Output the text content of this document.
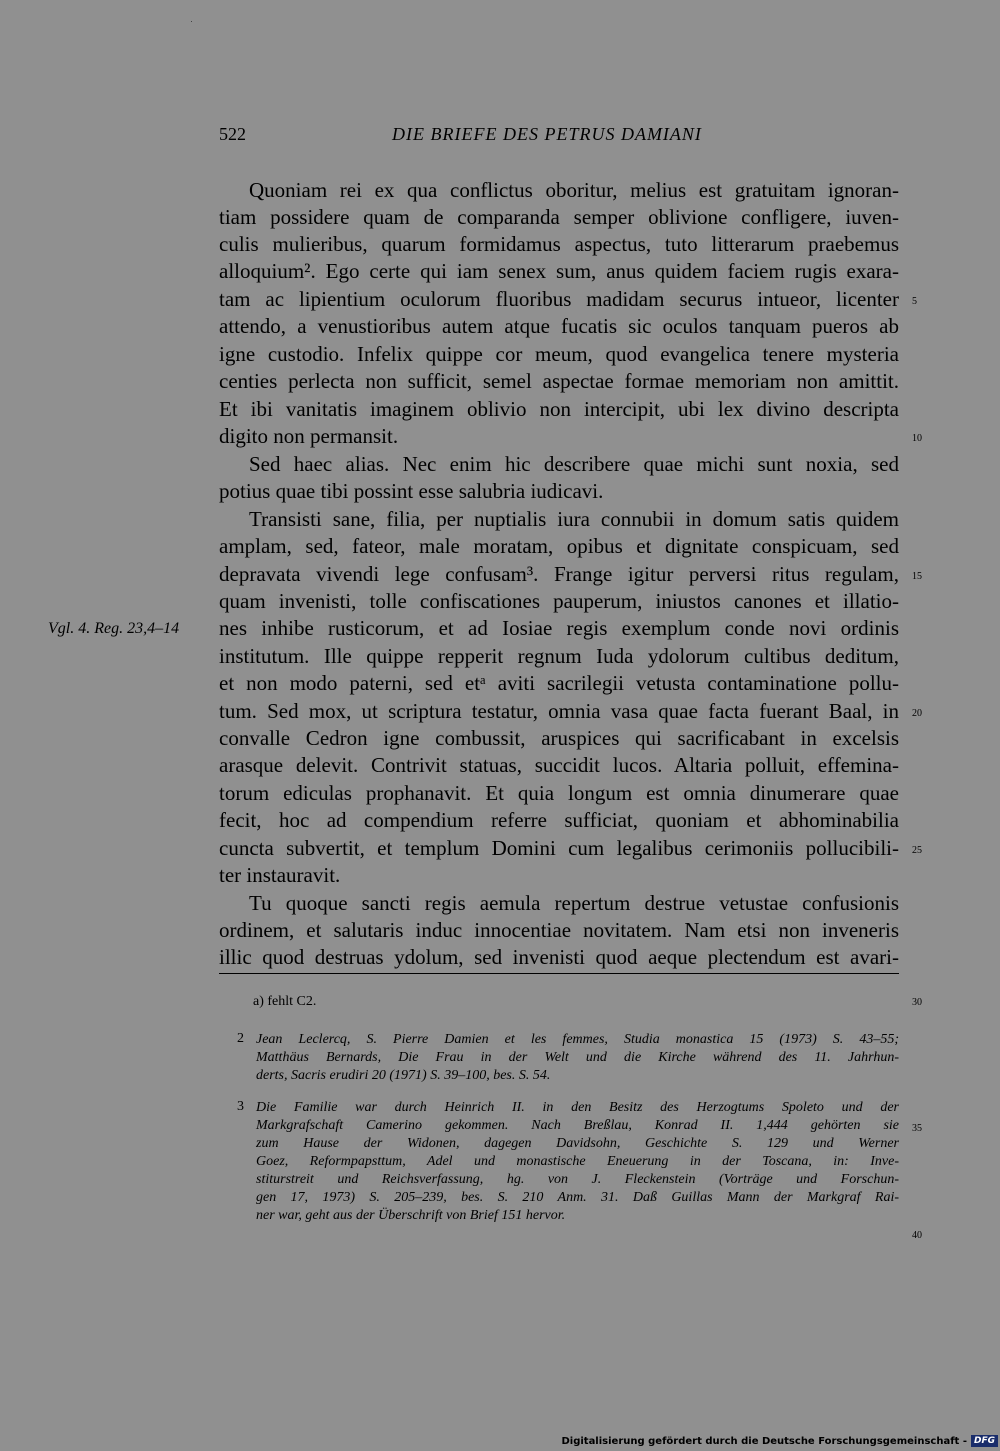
522	DIE BRIEFE DES PETRUS DAMIANI
Quoniam rei ex qua conflictus oboritur, melius est gratuitam ignoran-
tiam possidere quam de comparanda semper oblivione confligere, iuven-
culis mulieribus, quarum formidamus aspectus, tuto litterarum praebemus
alloquium². Ego certe qui iam senex sum, anus quidem faciem rugis exara-
tam ac lipientium oculorum fluoribus madidam securus intueor, licenter
attendo, a venustioribus autem atque fucatis sic oculos tanquam pueros ab
igne custodio. Infelix quippe cor meum, quod evangelica tenere mysteria
centies perlecta non sufficit, semel aspectae formae memoriam non amittit.
Et ibi vanitatis imaginem oblivio non intercipit, ubi lex divino descripta
digito non permansit.
Sed haec alias. Nec enim hic describere quae michi sunt noxia, sed
potius quae tibi possint esse salubria iudicavi.
Transisti sane, filia, per nuptialis iura connubii in domum satis quidem
amplam, sed, fateor, male moratam, opibus et dignitate conspicuam, sed
depravata vivendi lege confusam³. Frange igitur perversi ritus regulam,
quam invenisti, tolle confiscationes pauperum, iniustos canones et illatio-
nes inhibe rusticorum, et ad Iosiae regis exemplum conde novi ordinis
institutum. Ille quippe repperit regnum Iuda ydolorum cultibus deditum,
et non modo paterni, sed etᵃ aviti sacrilegii vetusta contaminatione pollu-
tum. Sed mox, ut scriptura testatur, omnia vasa quae facta fuerant Baal, in
convalle Cedron igne combussit, aruspices qui sacrificabant in excelsis
arasque delevit. Contrivit statuas, succidit lucos. Altaria polluit, effemina-
torum ediculas prophanavit. Et quia longum est omnia dinumerare quae
fecit, hoc ad compendium referre sufficiat, quoniam et abhominabilia
cuncta subvertit, et templum Domini cum legalibus cerimoniis pollucibili-
ter instauravit.
Tu quoque sancti regis aemula repertum destrue vetustae confusionis
ordinem, et salutaris induc innocentiae novitatem. Nam etsi non inveneris
illic quod destruas ydolum, sed invenisti quod aeque plectendum est avari-
Vgl. 4. Reg. 23,4–14
5
10
15
20
25
30
35
40
a) fehlt C2.
2 Jean Leclercq, S. Pierre Damien et les femmes, Studia monastica 15 (1973) S. 43–55;
Matthäus Bernards, Die Frau in der Welt und die Kirche während des 11. Jahrhun-
derts, Sacris erudiri 20 (1971) S. 39–100, bes. S. 54.
3 Die Familie war durch Heinrich II. in den Besitz des Herzogtums Spoleto und der
Markgrafschaft Camerino gekommen. Nach Breßlau, Konrad II. 1,444 gehörten sie
zum Hause der Widonen, dagegen Davidsohn, Geschichte S. 129 und Werner
Goez, Reformpapsttum, Adel und monastische Eneuerung in der Toscana, in: Inve-
stiturstreit und Reichsverfassung, hg. von J. Fleckenstein (Vorträge und Forschun-
gen 17, 1973) S. 205–239, bes. S. 210 Anm. 31. Daß Guillas Mann der Markgraf Rai-
ner war, geht aus der Überschrift von Brief 151 hervor.
Digitalisierung gefördert durch die Deutsche Forschungsgemeinschaft - DFG
